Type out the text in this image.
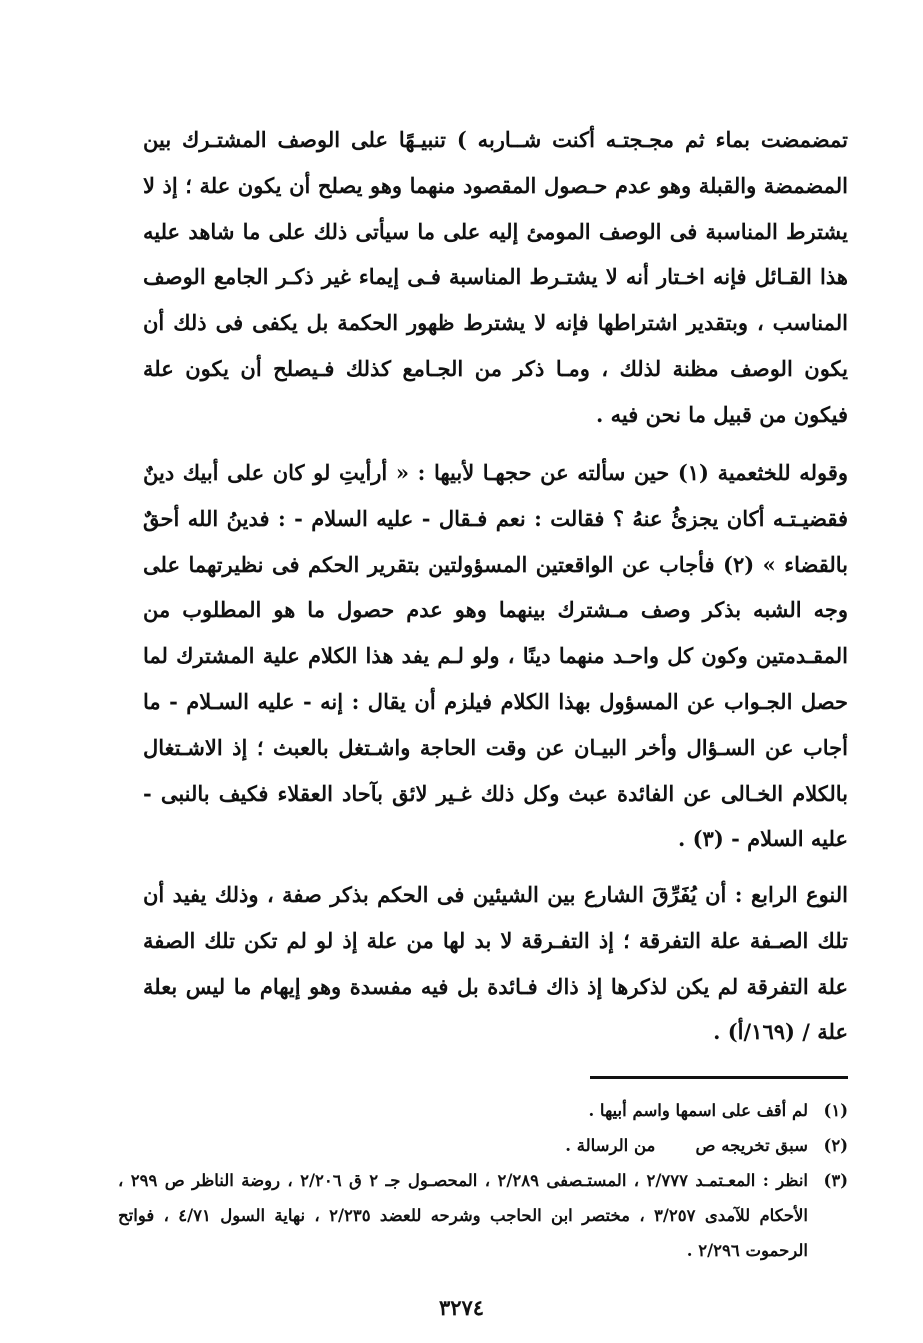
تمضمضت بماء ثم مجـجتـه أكنت شــاربه ) تنبيـهًا على الوصف المشتـرك بين المضمضة والقبلة وهو عدم حـصول المقصود منهما وهو يصلح أن يكون علة ؛ إذ لا يشترط المناسبة فى الوصف المومئ إليه على ما سيأتى ذلك على ما شاهد عليه هذا القـائل فإنه اخـتار أنه لا يشتـرط المناسبة فـى إيماء غير ذكـر الجامع الوصف المناسب ، وبتقدير اشتراطها فإنه لا يشترط ظهور الحكمة بل يكفى فى ذلك أن يكون الوصف مظنة لذلك ، ومـا ذكر من الجـامع كذلك فـيصلح أن يكون علة فيكون من قبيل ما نحن فيه .

وقوله للخثعمية (١) حين سألته عن حجهـا لأبيها : « أرأيتِ لو كان على أبيك دينٌ فقضيـتـه أكان يجزئُ عنهُ ؟ فقالت : نعم فـقال - عليه السلام - : فدينُ الله أحقٌ بالقضاء » (٢) فأجاب عن الواقعتين المسؤولتين بتقرير الحكم فى نظيرتهما على وجه الشبه بذكر وصف مـشترك بينهما وهو عدم حصول ما هو المطلوب من المقـدمتين وكون كل واحـد منهما دينًا ، ولو لـم يفد هذا الكلام علية المشترك لما حصل الجـواب عن المسؤول بهذا الكلام فيلزم أن يقال : إنه - عليه السـلام - ما أجاب عن السـؤال وأخر البيـان عن وقت الحاجة واشـتغل بالعبث ؛ إذ الاشـتغال بالكلام الخـالى عن الفائدة عبث وكل ذلك غـير لائق بآحاد العقلاء فكيف بالنبى - عليه السلام - (٣) .

النوع الرابع : أن يُفَرِّقَ الشارع بين الشيئين فى الحكم بذكر صفة ، وذلك يفيد أن تلك الصـفة علة التفرقة ؛ إذ التفـرقة لا بد لها من علة إذ لو لم تكن تلك الصفة علة التفرقة لم يكن لذكرها إذ ذاك فـائدة بل فيه مفسدة وهو إيهام ما ليس بعلة علة / (١٦٩/أ) .

(١)
لم أقف على اسمها واسم أبيها .
(٢)
سبق تخريجه ص       من الرسالة .
(٣)
انظر : المعـتمـد ٢/٧٧٧ ، المستـصفى ٢/٢٨٩ ، المحصـول جـ ٢ ق ٢/٢٠٦ ، روضة الناظر ص ٢٩٩ ، الأحكام للآمدى ٣/٢٥٧ ، مختصر ابن الحاجب وشرحه للعضد ٢/٢٣٥ ، نهاية السول ٤/٧١ ، فواتح الرحموت ٢/٢٩٦ .
٣٢٧٤
